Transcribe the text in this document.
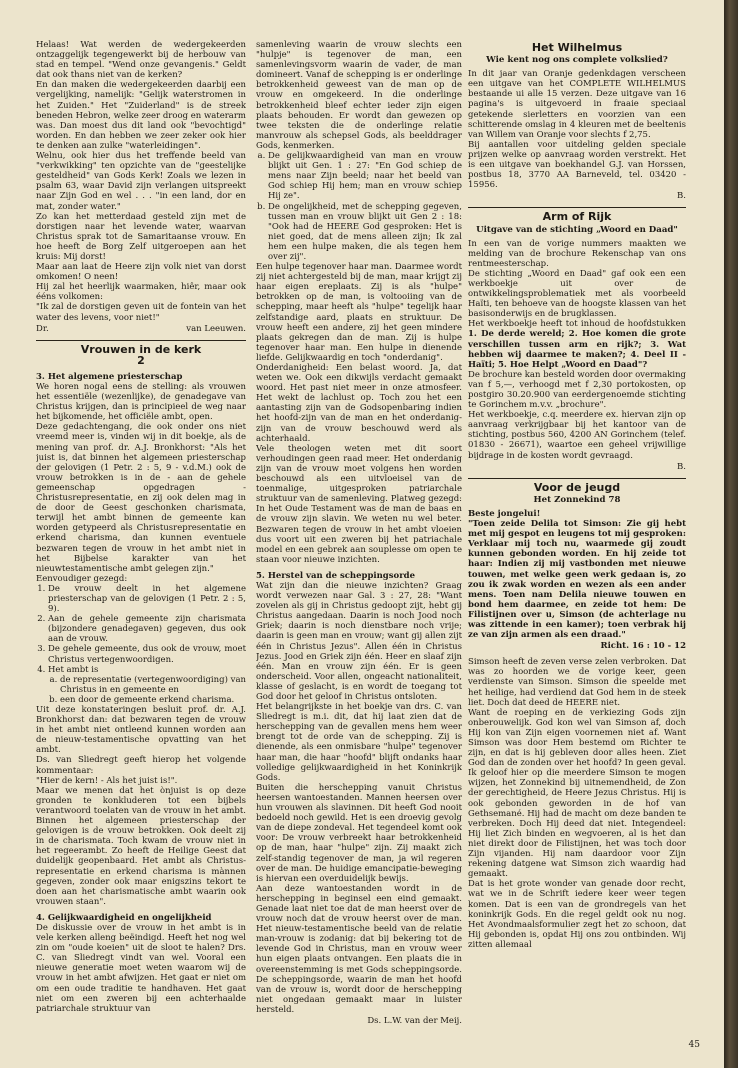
Helaas! Wat werden de wedergekeerden ontzaggelijk tegengewerkt bij de herbouw van stad en tempel. "Wend onze gevangenis." Geldt dat ook thans niet van de kerken?

En dan maken die wedergekeerden daarbij een vergelijking, namelijk: "Gelijk waterstromen in het Zuiden." Het "Zuiderland" is de streek beneden Hebron, welke zeer droog en waterarm was. Dan moest dus dit land ook "bevochtigd" worden. En dan hebben we zeer zeker ook hier te denken aan zulke "waterleidingen".

Welnu, ook hier dus het treffende beeld van "verkwikking" ten opzichte van de "geestelijke gesteldheid" van Gods Kerk! Zoals we lezen in psalm 63, waar David zijn verlangen uitspreekt naar Zijn God en wel . . . "in een land, dor en mat, zonder water."

Zo kan het metterdaad gesteld zijn met de dorstigen naar het levende water, waarvan Christus sprak tot de Samaritaanse vrouw. En hoe heeft de Borg Zelf uitgeroepen aan het kruis: Mij dorst!

Maar aan laat de Heere zijn volk niet van dorst omkomen! O neen!

Hij zal het heerlijk waarmaken, hiêr, maar ook ééns volkomen:

"Ik zal de dorstigen geven uit de fontein van het water des levens, voor niet!"

Dr.	van Leeuwen.
Vrouwen in de kerk
2

3. Het algemene priesterschap

We horen nogal eens de stelling: als vrouwen het essentiële (wezenlijke), de genadegave van Christus krijgen, dan is principieel de weg naar het bijkomende, het officiële ambt, open.

Deze gedachtengang, die ook onder ons niet vreemd meer is, vinden wij in dit boekje, als de mening van prof. dr. A.J. Bronkhorst: "Als het juist is, dat binnen het algemeen priesterschap der gelovigen (1 Petr. 2 : 5, 9 - v.d.M.) ook de vrouw betrokken is in de - aan de gehele gemeenschap opgedragen - Christusrepresentatie, en zij ook delen mag in de door de Geest geschonken charismata, terwijl het ambt binnen de gemeente kan worden getypeerd als Christusrepresentatie en erkend charisma, dan kunnen eventuele bezwaren tegen de vrouw in het ambt niet in het Bijbelse karakter van het nieuwtestamentische ambt gelegen zijn."

Eenvoudiger gezegd:

1. De vrouw deelt in het algemene priesterschap van de gelovigen (1 Petr. 2 : 5, 9).
2. Aan de gehele gemeente zijn charismata (bijzondere genadegaven) gegeven, dus ook aan de vrouw.
3. De gehele gemeente, dus ook de vrouw, moet Christus vertegenwoordigen.
4. Het ambt is
a. de representatie (vertegenwoordiging) van Christus in en gemeente en
b. een door de gemeente erkend charisma.

Uit deze konstateringen besluit prof. dr. A.J. Bronkhorst dan: dat bezwaren tegen de vrouw in het ambt niet ontleend kunnen worden aan de nieuw-testamentische opvatting van het ambt.

Ds. van Sliedregt geeft hierop het volgende kommentaar:

"Hier de kern! - Als het juist is!".

Maar we menen dat het ònjuist is op deze gronden te konkluderen tot een bijbels verantwoord toelaten van de vrouw in het ambt. Binnen het algemeen priesterschap der gelovigen is de vrouw betrokken. Ook deelt zij in de charismata. Toch kwam de vrouw niet in het regeerambt. Zo heeft de Heilige Geest dat duidelijk geopenbaard. Het ambt als Christus-representatie en erkend charisma is mànnen gegeven, zonder ook maar enigszins tekort te doen aan het charismatische ambt waarin ook vrouwen staan".

4. Gelijkwaardigheid en ongelijkheid

De diskussie over de vrouw in het ambt is in vele kerken alleng beëindigd. Heeft het nog wel zin om "oude koeien" uit de sloot te halen? Drs. C. van Sliedregt vindt van wel. Vooral een nieuwe generatie moet weten waarom wij de vrouw in het ambt afwijzen. Het gaat er niet om om een oude traditie te handhaven. Het gaat niet om een zweren bij een achterhaalde patriarchale struktuur van

samenleving waarin de vrouw slechts een "hulpje" is tegenover de man, een samenlevingsvorm waarin de vader, de man domineert. Vanaf de schepping is er onderlinge betrokkenheid geweest van de man op de vrouw en omgekeerd. In die onderlinge betrokkenheid bleef echter ieder zijn eigen plaats behouden. Er wordt dan gewezen op twee teksten die de onderlinge relatie manvrouw als schepsel Gods, als beelddrager Gods, kenmerken.

a. De gelijkwaardigheid van man en vrouw blijkt uit Gen. 1 : 27: "En God schiep de mens naar Zijn beeld; naar het beeld van God schiep Hij hem; man en vrouw schiep Hij ze".
b. De ongelijkheid, met de schepping gegeven, tussen man en vrouw blijkt uit Gen 2 : 18: "Ook had de HEERE God gesproken: Het is niet goed, dat de mens alleen zijn; Ik zal hem een hulpe maken, die als tegen hem over zij".

Een hulpe tegenover haar man. Daarmee wordt zij niet achtergesteld bij de man, maar krijgt zij haar eigen ereplaats. Zij is als "hulpe" betrokken op de man, is voltooiing van de schepping, maar heeft als "hulpe" tegelijk haar zelfstandige aard, plaats en struktuur. De vrouw heeft een andere, zij het geen mindere plaats gekregen dan de man. Zij is hulpe tegenover haar man. Een hulpe in dienende liefde. Gelijkwaardig en toch "onderdanig".

Onderdanigheid: Een belast woord. Ja, dat weten we. Ook een dikwijls verdacht gemaakt woord. Het past niet meer in onze atmosfeer. Het wekt de lachlust op. Toch zou het een aantasting zijn van de Godsopenbaring indien het hoofd-zijn van de man en het onderdanig-zijn van de vrouw beschouwd werd als achterhaald.

Vele theologen weten met dit soort verhoudingen geen raad meer. Het onderdanig zijn van de vrouw moet volgens hen worden beschouwd als een uitvloeisel van de toenmalige, uitgesproken patriarchale struktuur van de samenleving. Platweg gezegd: In het Oude Testament was de man de baas en de vrouw zijn slavin. We weten nu wel beter. Bezwaren tegen de vrouw in het ambt vloeien dus voort uit een zweren bij het patriachale model en een gebrek aan souplesse om open te staan voor nieuwe inzichten.

5. Herstel van de scheppingsorde

Wat zijn dan die nieuwe inzichten? Graag wordt verwezen naar Gal. 3 : 27, 28: "Want zovelen als gij in Christus gedoopt zijt, hebt gij Christus aangedaan. Daarin is noch Jood noch Griek; daarin is noch dienstbare noch vrije; daarin is geen man en vrouw; want gij allen zijt één in Christus Jezus". Allen één in Christus Jezus. Jood en Griek zijn één. Heer en slaaf zijn één. Man en vrouw zijn één. Er is geen onderscheid. Voor allen, ongeacht nationaliteit, klasse of geslacht, is en wordt de toegang tot God door het geloof in Christus ontsloten.

Het belangrijkste in het boekje van drs. C. van Sliedregt is m.i. dit, dat hij laat zien dat de herschepping van de gevallen mens hem weer brengt tot de orde van de schepping. Zij is dienende, als een onmisbare "hulpe" tegenover haar man, die haar "hoofd" blijft ondanks haar volledige gelijkwaardigheid in het Koninkrijk Gods.

Buiten die herschepping vanuit Christus heersen wantoestanden. Mannen heersen over hun vrouwen als slavinnen. Dit heeft God nooit bedoeld noch gewild. Het is een droevig gevolg van de diepe zondeval. Het tegendeel komt ook voor: De vrouw verbreekt haar betrokkenheid op de man, haar "hulpe" zijn. Zij maakt zich zelf-standig tegenover de man, ja wil regeren over de man. De huidige emancipatie-beweging is hiervan een overduidelijk bewijs.

Aan deze wantoestanden wordt in de herschepping in beginsel een eind gemaakt. Genade laat niet toe dat de man heerst over de vrouw noch dat de vrouw heerst over de man. Het nieuw-testamentische beeld van de relatie man-vrouw is zodanig: dat bij bekering tot de levende God in Christus, man en vrouw weer hun eigen plaats ontvangen. Een plaats die in overeenstemming is met Gods scheppingsorde. De scheppingsorde, waarin de man het hoofd van de vrouw is, wordt door de herschepping niet ongedaan gemaakt maar in luister hersteld.

Ds. L.W. van der Meij.
Het Wilhelmus
Wie kent nog ons complete volkslied?

In dit jaar van Oranje gedenkdagen verscheen een uitgave van het COMPLETE WILHELMUS bestaande ui alle 15 verzen. Deze uitgave van 16 pagina's is uitgevoerd in fraaie speciaal getekende sierletters en voorzien van een schitterende omslag in 4 kleuren met de beeltenis van Willem van Oranje voor slechts f 2,75.
Bij aantallen voor uitdeling gelden speciale prijzen welke op aanvraag worden verstrekt. Het is een uitgave van boekhandel G.J. van Horssen, postbus 18, 3770 AA Barneveld, tel. 03420 - 15956.

B.
Arm of Rijk
Uitgave van de stichting „Woord en Daad"

In een van de vorige nummers maakten we melding van de brochure Rekenschap van ons rentmeesterschap.

De stichting „Woord en Daad" gaf ook een een werkboekje uit over de ontwikkelingsproblematiek met als voorbeeld Haïti, ten behoeve van de hoogste klassen van het basisonderwijs en de brugklassen.

Het werkboekje heeft tot inhoud de hoofdstukken 1. De derde wereld; 2. Hoe komen die grote verschillen tussen arm en rijk?; 3. Wat hebben wij daarmee te maken?; 4. Deel II - Haïti; 5. Hoe Helpt „Woord en Daad"?

De brochure kan besteld worden door overmaking van f 5,—, verhoogd met f 2,30 portokosten, op postgiro 30.20.900 van eerdergenoemde stichting te Gorinchem m.v.v. „brochure".

Het werkboekje, c.q. meerdere ex. hiervan zijn op aanvraag verkrijgbaar bij het kantoor van de stichting, postbus 560, 4200 AN Gorinchem (telef. 01830 - 26671), waartoe een geheel vrijwillige bijdrage in de kosten wordt gevraagd.

B.
Voor de jeugd
Het Zonnekind 78

Beste jongelui!

"Toen zeide Delila tot Simson: Zie gij hebt met mij gespot en leugens tot mij gesproken: Verklaar mij toch nu, waarmede gij zoudt kunnen gebonden worden. En hij zeide tot haar: Indien zij mij vastbonden met nieuwe touwen, met welke geen werk gedaan is, zo zou ik zwak worden en wezen als een ander mens. Toen nam Delila nieuwe touwen en bond hem daarmee, en zeide tot hem: De Filistijnen over u, Simson (de achterlage nu was zittende in een kamer); toen verbrak hij ze van zijn armen als een draad."

Richt. 16 : 10 - 12

Simson heeft de zeven verse zelen verbroken. Dat was zo hoorden we de vorige keer, geen verdienste van Simson. Simson die speelde met het heilige, had verdiend dat God hem in de steek liet. Doch dat deed de HEERE niet.

Want de roeping en de verkiezing Gods zijn onberouwelijk. God kon wel van Simson af, doch Hij kon van Zijn eigen voornemen niet af. Want Simson was door Hem bestemd om Richter te zijn, en dat is hij gebleven door alles heen. Ziet God dan de zonden over het hoofd? In geen geval. Ik geloof hier op die meerdere Simson te mogen wijzen, het Zonnekind bij uitnemendheid, de Zon der gerechtigheid, de Heere Jezus Christus. Hij is ook gebonden geworden in de hof van Gethsemané. Hij had de macht om deze banden te verbreken. Doch Hij deed dat niet. Integendeel: Hij liet Zich binden en wegvoeren, al is het dan niet direkt door de Filistijnen, het was toch door Zijn vijanden. Hij nam daardoor voor Zijn rekening datgene wat Simson zich waardig had gemaakt.

Dat is het grote wonder van genade door recht, wat we in de Schrift iedere keer weer tegen komen. Dat is een van de grondregels van het koninkrijk Gods. En die regel geldt ook nu nog. Het Avondmaalsformulier zegt het zo schoon, dat Hij gebonden is, opdat Hij ons zou ontbinden. Wij zitten allemaal

45
